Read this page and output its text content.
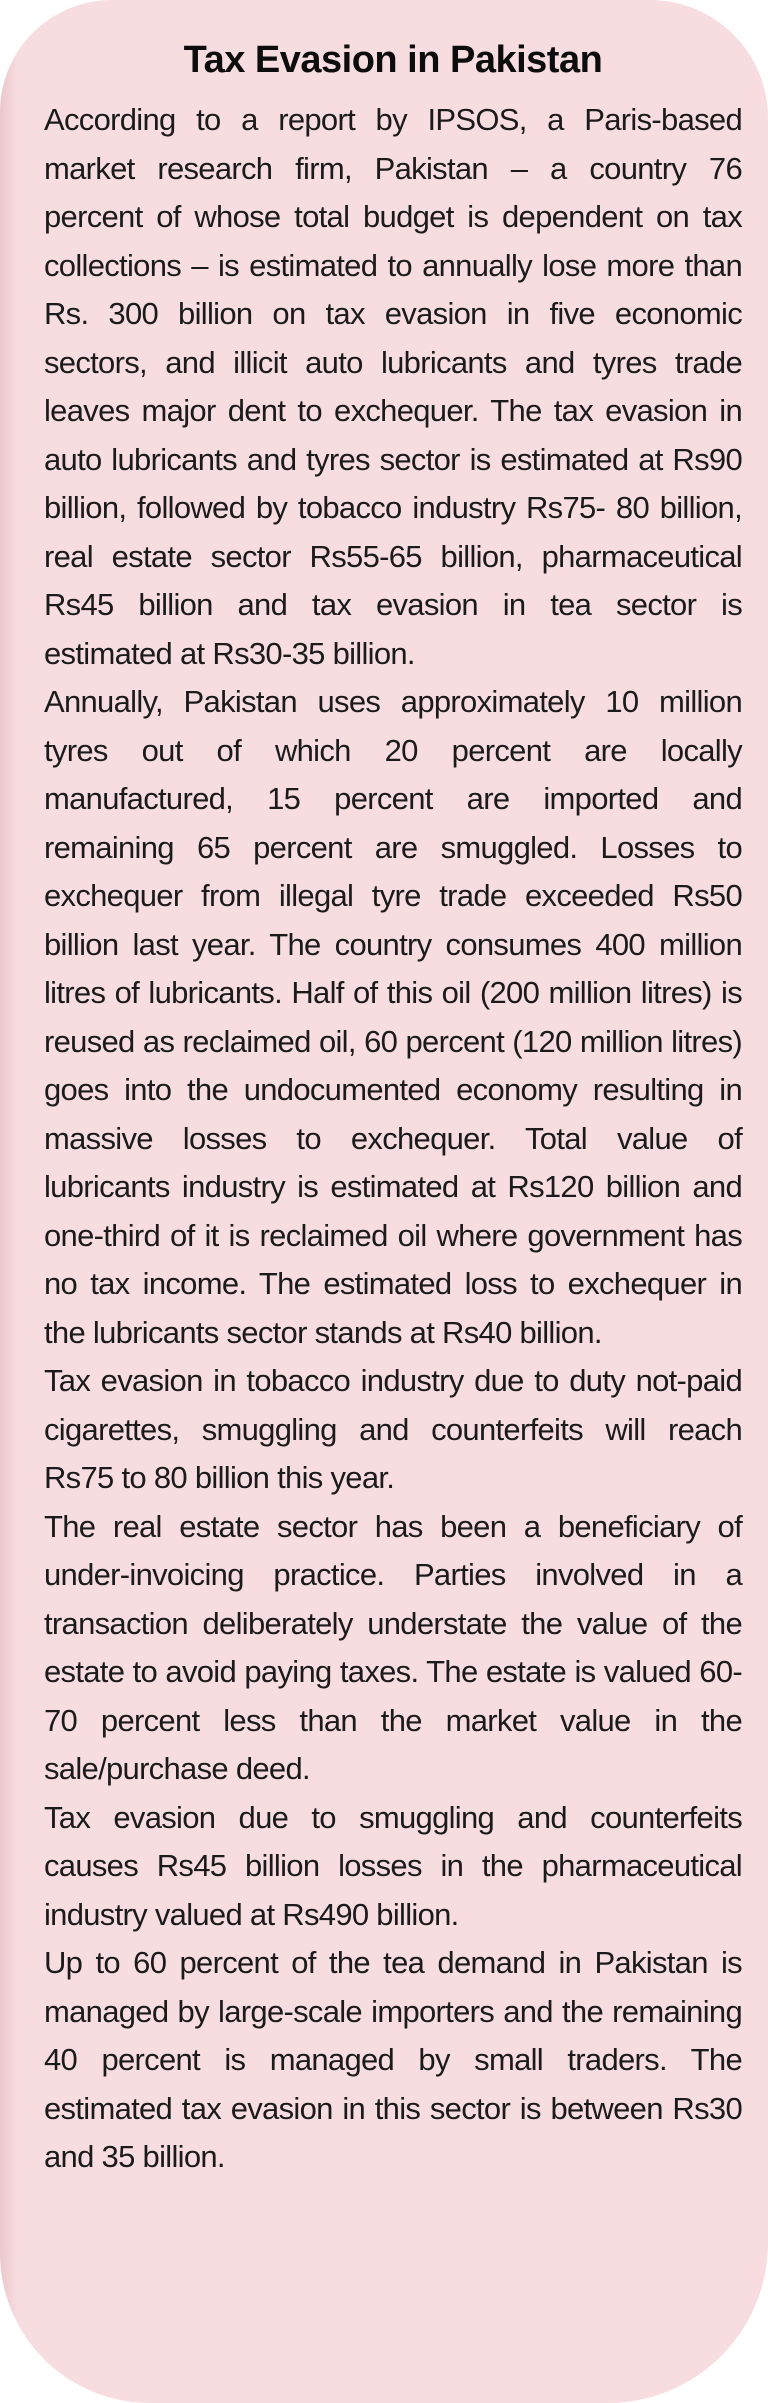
Tax Evasion in Pakistan

According to a report by IPSOS, a Paris-based market research firm, Pakistan – a country 76 percent of whose total budget is dependent on tax collections – is estimated to annually lose more than Rs. 300 billion on tax evasion in five economic sectors, and illicit auto lubricants and tyres trade leaves major dent to exchequer. The tax evasion in auto lubricants and tyres sector is estimated at Rs90 billion, followed by tobacco industry Rs75- 80 billion, real estate sector Rs55-65 billion, pharmaceutical Rs45 billion and tax evasion in tea sector is estimated at Rs30-35 billion.

Annually, Pakistan uses approximately 10 million tyres out of which 20 percent are locally manufactured, 15 percent are imported and remaining 65 percent are smuggled. Losses to exchequer from illegal tyre trade exceeded Rs50 billion last year. The country consumes 400 million litres of lubricants. Half of this oil (200 million litres) is reused as reclaimed oil, 60 percent (120 million litres) goes into the undocumented economy resulting in massive losses to exchequer. Total value of lubricants industry is estimated at Rs120 billion and one-third of it is reclaimed oil where government has no tax income. The estimated loss to exchequer in the lubricants sector stands at Rs40 billion.

Tax evasion in tobacco industry due to duty not-paid cigarettes, smuggling and counterfeits will reach Rs75 to 80 billion this year.

The real estate sector has been a beneficiary of under-invoicing practice. Parties involved in a transaction deliberately understate the value of the estate to avoid paying taxes. The estate is valued 60-70 percent less than the market value in the sale/purchase deed.

Tax evasion due to smuggling and counterfeits causes Rs45 billion losses in the pharmaceutical industry valued at Rs490 billion.

Up to 60 percent of the tea demand in Pakistan is managed by large-scale importers and the remaining 40 percent is managed by small traders. The estimated tax evasion in this sector is between Rs30 and 35 billion.
